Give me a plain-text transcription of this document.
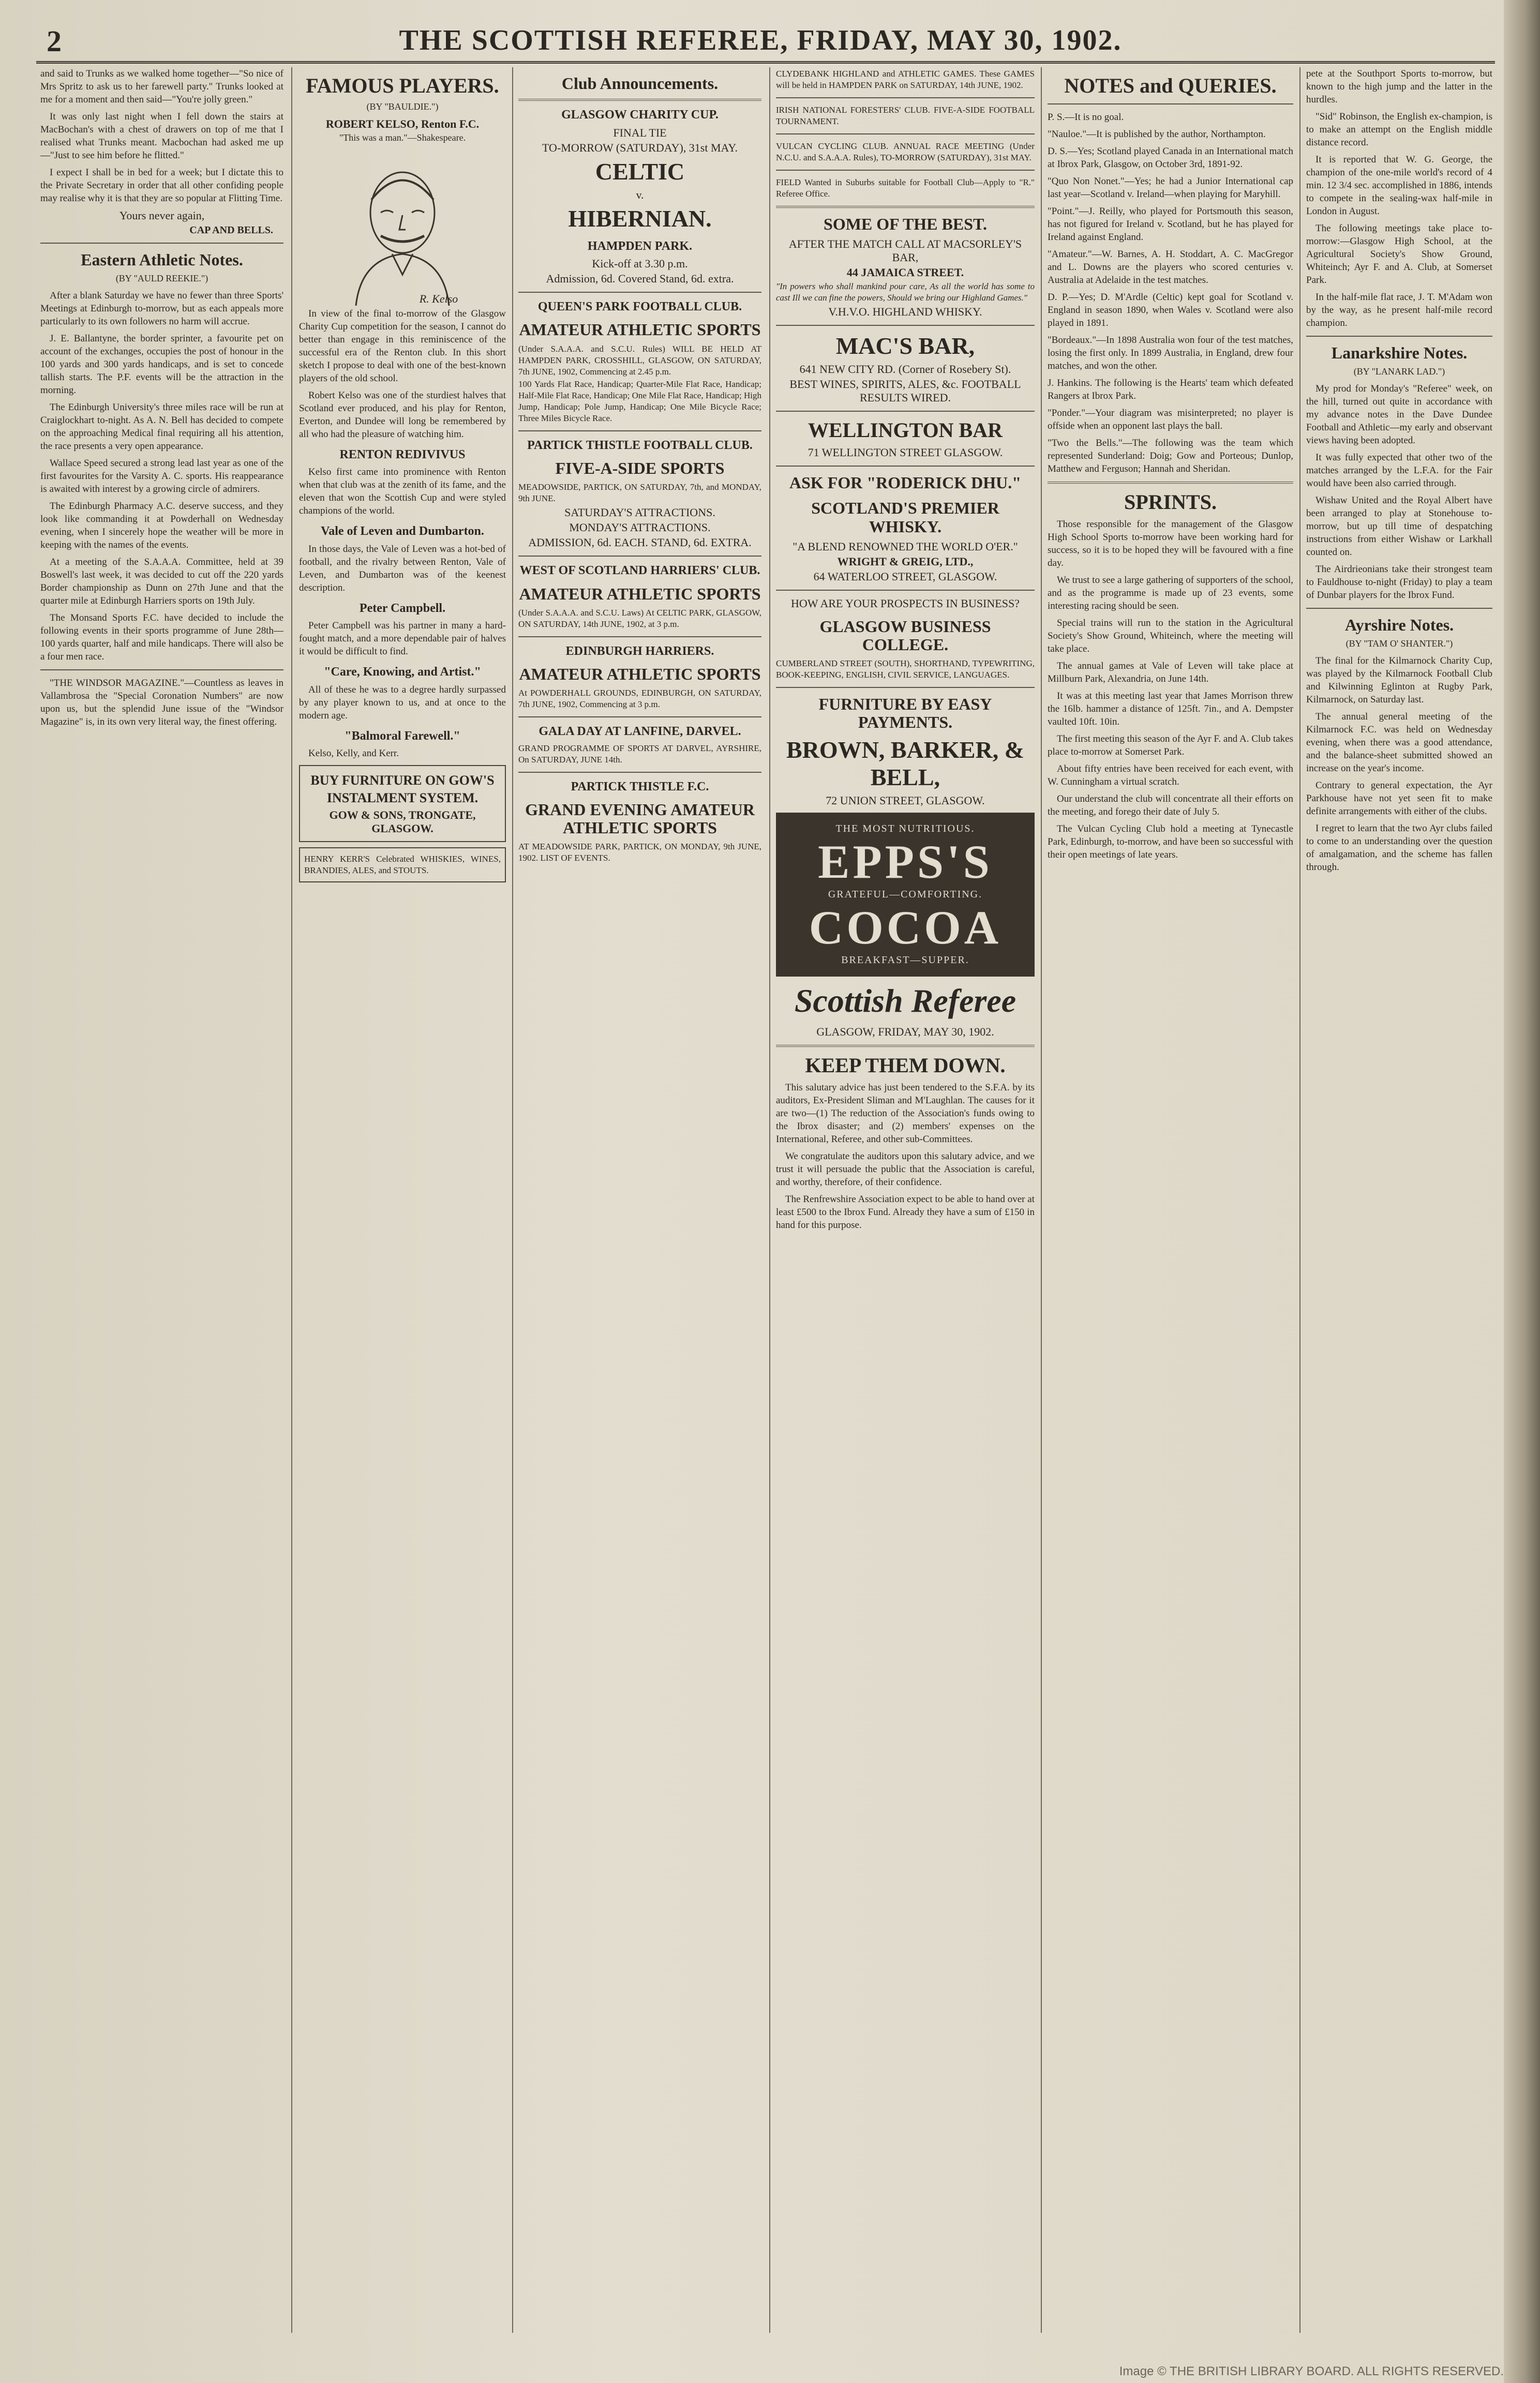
2	THE SCOTTISH REFEREE, FRIDAY, MAY 30, 1902.

and said to Trunks as we walked home together—"So nice of Mrs Spritz to ask us to her farewell party." Trunks looked at me for a moment and then said—"You're jolly green."

It was only last night when I fell down the stairs at MacBochan's with a chest of drawers on top of me that I realised what Trunks meant. Macbochan had asked me up—"Just to see him before he flitted."

I expect I shall be in bed for a week; but I dictate this to the Private Secretary in order that all other confiding people may realise why it is that they are so popular at Flitting Time.

Yours never again,

CAP AND BELLS.

Eastern Athletic Notes.
(BY "AULD REEKIE.")

After a blank Saturday we have no fewer than three Sports' Meetings at Edinburgh to-morrow, but as each appeals more particularly to its own followers no harm will accrue.

J. E. Ballantyne, the border sprinter, a favourite pet on account of the exchanges, occupies the post of honour in the 100 yards and 300 yards handicaps, and is set to concede tallish starts. The P.F. events will be the attraction in the morning.

The Edinburgh University's three miles race will be run at Craiglockhart to-night. As A. N. Bell has decided to compete on the approaching Medical final requiring all his attention, the race presents a very open appearance.

Wallace Speed secured a strong lead last year as one of the first favourites for the Varsity A. C. sports. His reappearance is awaited with interest by a growing circle of admirers.

The Edinburgh Pharmacy A.C. deserve success, and they look like commanding it at Powderhall on Wednesday evening, when I sincerely hope the weather will be more in keeping with the names of the events.

At a meeting of the S.A.A.A. Committee, held at 39 Boswell's last week, it was decided to cut off the 220 yards Border championship as Dunn on 27th June and that the quarter mile at Edinburgh Harriers sports on 19th July.

The Monsand Sports F.C. have decided to include the following events in their sports programme of June 28th—100 yards quarter, half and mile handicaps. There will also be a four men race.

"THE WINDSOR MAGAZINE."—Countless as leaves in Vallambrosa the "Special Coronation Numbers" are now upon us, but the splendid June issue of the "Windsor Magazine" is, in its own very literal way, the finest offering.

FAMOUS PLAYERS.
(BY "BAULDIE.")
ROBERT KELSO, Renton F.C.
"This was a man."—Shakespeare.
R. Kelso

In view of the final to-morrow of the Glasgow Charity Cup competition for the season, I cannot do better than engage in this reminiscence of the successful era of the Renton club. In this short sketch I propose to deal with one of the best-known players of the old school.

Robert Kelso was one of the sturdiest halves that Scotland ever produced, and his play for Renton, Everton, and Dundee will long be remembered by all who had the pleasure of watching him.

RENTON REDIVIVUS

Kelso first came into prominence with Renton when that club was at the zenith of its fame, and the eleven that won the Scottish Cup and were styled champions of the world.

Vale of Leven and Dumbarton.

In those days, the Vale of Leven was a hot-bed of football, and the rivalry between Renton, Vale of Leven, and Dumbarton was of the keenest description.

Peter Campbell.

Peter Campbell was his partner in many a hard-fought match, and a more dependable pair of halves it would be difficult to find.

"Care, Knowing, and Artist."

All of these he was to a degree hardly surpassed by any player known to us, and at once to the modern age.

"Balmoral Farewell."

Kelso, Kelly, and Kerr.

BUY FURNITURE ON GOW'S INSTALMENT SYSTEM.
GOW & SONS, TRONGATE, GLASGOW.

HENRY KERR'S Celebrated WHISKIES, WINES, BRANDIES, ALES, and STOUTS.

Club Announcements.
GLASGOW CHARITY CUP.
FINAL TIE
TO-MORROW (SATURDAY), 31st MAY.
CELTIC
v.
HIBERNIAN.
HAMPDEN PARK.
Kick-off at 3.30 p.m.
Admission, 6d. Covered Stand, 6d. extra.
QUEEN'S PARK FOOTBALL CLUB.
AMATEUR ATHLETIC SPORTS

(Under S.A.A.A. and S.C.U. Rules) WILL BE HELD AT HAMPDEN PARK, CROSSHILL, GLASGOW, ON SATURDAY, 7th JUNE, 1902, Commencing at 2.45 p.m.

100 Yards Flat Race, Handicap; Quarter-Mile Flat Race, Handicap; Half-Mile Flat Race, Handicap; One Mile Flat Race, Handicap; High Jump, Handicap; Pole Jump, Handicap; One Mile Bicycle Race; Three Miles Bicycle Race.

PARTICK THISTLE FOOTBALL CLUB.
FIVE-A-SIDE SPORTS

MEADOWSIDE, PARTICK, ON SATURDAY, 7th, and MONDAY, 9th JUNE.

SATURDAY'S ATTRACTIONS.
MONDAY'S ATTRACTIONS.
ADMISSION, 6d. EACH. STAND, 6d. EXTRA.
WEST OF SCOTLAND HARRIERS' CLUB.
AMATEUR ATHLETIC SPORTS

(Under S.A.A.A. and S.C.U. Laws) At CELTIC PARK, GLASGOW, ON SATURDAY, 14th JUNE, 1902, at 3 p.m.

EDINBURGH HARRIERS.
AMATEUR ATHLETIC SPORTS

At POWDERHALL GROUNDS, EDINBURGH, ON SATURDAY, 7th JUNE, 1902, Commencing at 3 p.m.

GALA DAY AT LANFINE, DARVEL.

GRAND PROGRAMME OF SPORTS AT DARVEL, AYRSHIRE, On SATURDAY, JUNE 14th.

PARTICK THISTLE F.C.
GRAND EVENING AMATEUR ATHLETIC SPORTS

AT MEADOWSIDE PARK, PARTICK, ON MONDAY, 9th JUNE, 1902. LIST OF EVENTS.

CLYDEBANK HIGHLAND and ATHLETIC GAMES. These GAMES will be held in HAMPDEN PARK on SATURDAY, 14th JUNE, 1902.

IRISH NATIONAL FORESTERS' CLUB. FIVE-A-SIDE FOOTBALL TOURNAMENT.

VULCAN CYCLING CLUB. ANNUAL RACE MEETING (Under N.C.U. and S.A.A.A. Rules), TO-MORROW (SATURDAY), 31st MAY.

FIELD Wanted in Suburbs suitable for Football Club—Apply to "R." Referee Office.

SOME OF THE BEST.
AFTER THE MATCH CALL AT MACSORLEY'S BAR,
44 JAMAICA STREET.

"In powers who shall mankind pour care, As all the world has some to cast Ill we can fine the powers, Should we bring our Highland Games."

V.H.V.O. HIGHLAND WHISKY.
MAC'S BAR,
641 NEW CITY RD. (Corner of Rosebery St).
BEST WINES, SPIRITS, ALES, &c. FOOTBALL RESULTS WIRED.
WELLINGTON BAR
71 WELLINGTON STREET GLASGOW.
ASK FOR "RODERICK DHU."
SCOTLAND'S PREMIER WHISKY.
"A BLEND RENOWNED THE WORLD O'ER."
WRIGHT & GREIG, LTD.,
64 WATERLOO STREET, GLASGOW.
HOW ARE YOUR PROSPECTS IN BUSINESS?
GLASGOW BUSINESS COLLEGE.

CUMBERLAND STREET (SOUTH), SHORTHAND, TYPEWRITING, BOOK-KEEPING, ENGLISH, CIVIL SERVICE, LANGUAGES.

FURNITURE BY EASY PAYMENTS.
BROWN, BARKER, & BELL,
72 UNION STREET, GLASGOW.
THE MOST NUTRITIOUS.
EPPS'S
GRATEFUL—COMFORTING.
COCOA
BREAKFAST—SUPPER.
Scottish Referee
GLASGOW, FRIDAY, MAY 30, 1902.
KEEP THEM DOWN.

This salutary advice has just been tendered to the S.F.A. by its auditors, Ex-President Sliman and M'Laughlan. The causes for it are two—(1) The reduction of the Association's funds owing to the Ibrox disaster; and (2) members' expenses on the International, Referee, and other sub-Committees.

We congratulate the auditors upon this salutary advice, and we trust it will persuade the public that the Association is careful, and worthy, therefore, of their confidence.

The Renfrewshire Association expect to be able to hand over at least £500 to the Ibrox Fund. Already they have a sum of £150 in hand for this purpose.

NOTES and QUERIES.

P. S.—It is no goal.

"Nauloe."—It is published by the author, Northampton.

D. S.—Yes; Scotland played Canada in an International match at Ibrox Park, Glasgow, on October 3rd, 1891-92.

"Quo Non Nonet."—Yes; he had a Junior International cap last year—Scotland v. Ireland—when playing for Maryhill.

"Point."—J. Reilly, who played for Portsmouth this season, has not figured for Ireland v. Scotland, but he has played for Ireland against England.

"Amateur."—W. Barnes, A. H. Stoddart, A. C. MacGregor and L. Downs are the players who scored centuries v. Australia at Adelaide in the test matches.

D. P.—Yes; D. M'Ardle (Celtic) kept goal for Scotland v. England in season 1890, when Wales v. Scotland were also played in 1891.

"Bordeaux."—In 1898 Australia won four of the test matches, losing the first only. In 1899 Australia, in England, drew four matches, and won the other.

J. Hankins. The following is the Hearts' team which defeated Rangers at Ibrox Park.

"Ponder."—Your diagram was misinterpreted; no player is offside when an opponent last plays the ball.

"Two the Bells."—The following was the team which represented Sunderland: Doig; Gow and Porteous; Dunlop, Matthew and Ferguson; Hannah and Sheridan.

SPRINTS.

Those responsible for the management of the Glasgow High School Sports to-morrow have been working hard for success, so it is to be hoped they will be favoured with a fine day.

We trust to see a large gathering of supporters of the school, and as the programme is made up of 23 events, some interesting racing should be seen.

Special trains will run to the station in the Agricultural Society's Show Ground, Whiteinch, where the meeting will take place.

The annual games at Vale of Leven will take place at Millburn Park, Alexandria, on June 14th.

It was at this meeting last year that James Morrison threw the 16lb. hammer a distance of 125ft. 7in., and A. Dempster vaulted 10ft. 10in.

The first meeting this season of the Ayr F. and A. Club takes place to-morrow at Somerset Park.

About fifty entries have been received for each event, with W. Cunningham a virtual scratch.

Our understand the club will concentrate all their efforts on the meeting, and forego their date of July 5.

The Vulcan Cycling Club hold a meeting at Tynecastle Park, Edinburgh, to-morrow, and have been so successful with their open meetings of late years.

pete at the Southport Sports to-morrow, but known to the high jump and the latter in the hurdles.

"Sid" Robinson, the English ex-champion, is to make an attempt on the English middle distance record.

It is reported that W. G. George, the champion of the one-mile world's record of 4 min. 12 3/4 sec. accomplished in 1886, intends to compete in the sealing-wax half-mile in London in August.

The following meetings take place to-morrow:—Glasgow High School, at the Agricultural Society's Show Ground, Whiteinch; Ayr F. and A. Club, at Somerset Park.

In the half-mile flat race, J. T. M'Adam won by the way, as he present half-mile record champion.

Lanarkshire Notes.
(BY "LANARK LAD.")

My prod for Monday's "Referee" week, on the hill, turned out quite in accordance with my advance notes in the Dave Dundee Football and Athletic—my early and observant views having been adopted.

It was fully expected that other two of the matches arranged by the L.F.A. for the Fair would have been also carried through.

Wishaw United and the Royal Albert have been arranged to play at Stonehouse to-morrow, but up till time of despatching instructions from either Wishaw or Larkhall counted on.

The Airdrieonians take their strongest team to Fauldhouse to-night (Friday) to play a team of Dunbar players for the Ibrox Fund.

Ayrshire Notes.
(BY "TAM O' SHANTER.")

The final for the Kilmarnock Charity Cup, was played by the Kilmarnock Football Club and Kilwinning Eglinton at Rugby Park, Kilmarnock, on Saturday last.

The annual general meeting of the Kilmarnock F.C. was held on Wednesday evening, when there was a good attendance, and the balance-sheet submitted showed an increase on the year's income.

Contrary to general expectation, the Ayr Parkhouse have not yet seen fit to make definite arrangements with either of the clubs.

I regret to learn that the two Ayr clubs failed to come to an understanding over the question of amalgamation, and the scheme has fallen through.

Image © THE BRITISH LIBRARY BOARD. ALL RIGHTS RESERVED.
